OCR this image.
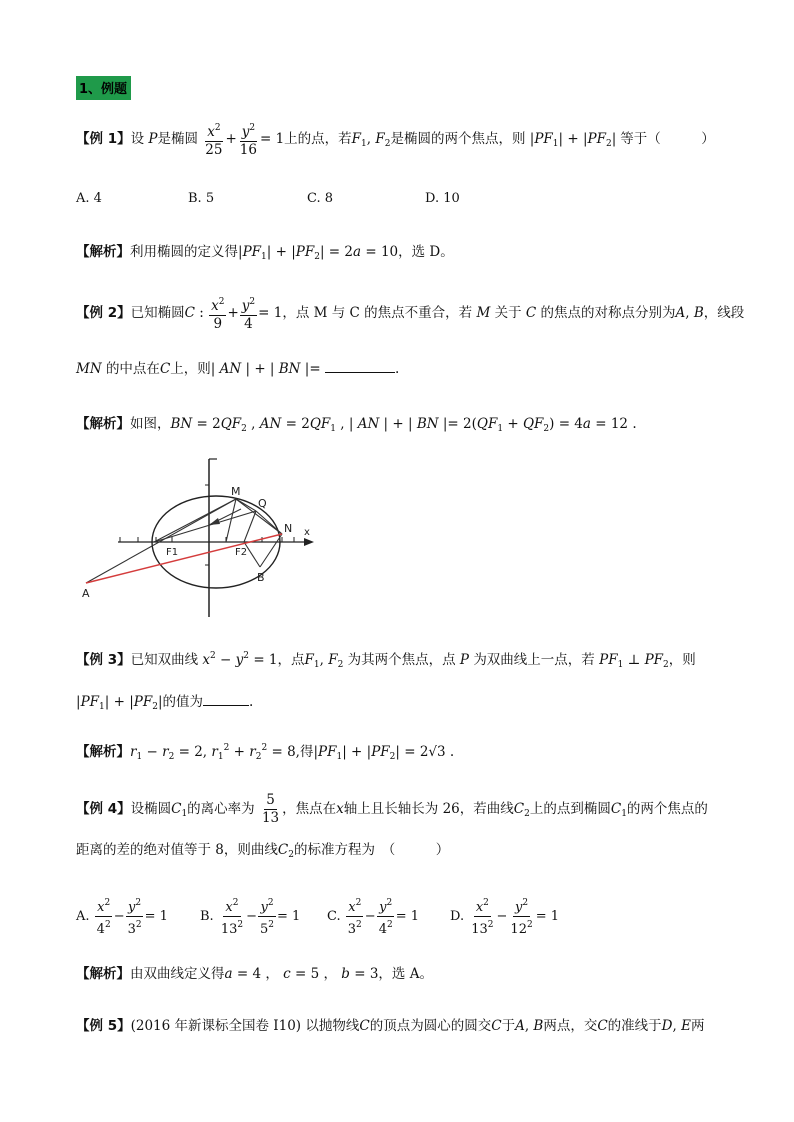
1、例题
【例 1】设 P是椭圆 $\frac{x^2}{25} + \frac{y^2}{16} = 1$上的点，若$F_1$, $F_2$是椭圆的两个焦点，则 $|PF_1| + |PF_2|$ 等于（　　　）
A. 4	B. 5	C. 8	D. 10
【解析】利用椭圆的定义得$|PF_1| + |PF_2| = 2a = 10$，选 D。
【例 2】已知椭圆C : $\frac{x^2}{9} + \frac{y^2}{4} = 1$，点 M 与 C 的焦点不重合，若 M 关于 C 的焦点的对称点分别为A, B，线段
MN 的中点在C上，则| AN | + | BN |=	.
【解析】如图，BN = $2QF_2$ , AN = $2QF_1$ , | AN | + | BN |= $2(QF_1 + QF_2) = 4a = 12$ .
M
Q
N x
F1	F2
B
A
【例 3】已知双曲线 $x^2 - y^2 = 1$，点$F_1$, $F_2$ 为其两个焦点，点 P 为双曲线上一点，若 $PF_1$ ⊥ $PF_2$，则
$|PF_1| + |PF_2|$的值为	.
【解析】$r_1 - r_2 = 2$, $r_1^2 + r_2^2 = 8$,得$|PF_1| + |PF_2| = 2√3$ .
【例 4】设椭圆$C_1$的离心率为 $\frac{5}{13}$ ，焦点在x轴上且长轴长为 26，若曲线$C_2$上的点到椭圆$C_1$的两个焦点的
距离的差的绝对值等于 8，则曲线$C_2$的标准方程为　（　　　）
A. $\frac{x^2}{4^2} - \frac{y^2}{3^2} = 1$ B. $\frac{x^2}{13^2} - \frac{y^2}{5^2} = 1$ C. $\frac{x^2}{3^2} - \frac{y^2}{4^2} = 1$ D. $\frac{x^2}{13^2} - \frac{y^2}{12^2} = 1$
【解析】由双曲线定义得a = 4 ， c = 5 ， b = 3，选 A。
【例 5】(2016 年新课标全国卷 I10) 以抛物线C的顶点为圆心的圆交C于A, B两点，交C的准线于D, E两
